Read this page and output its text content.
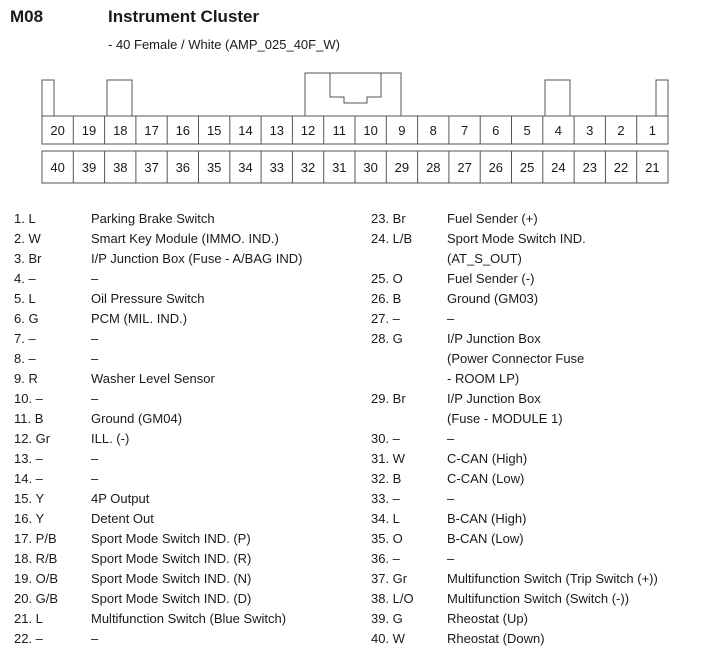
M08	Instrument Cluster
- 40 Female / White (AMP_025_40F_W)
20 19 18 17 16 15 14 13 12 11 10 9 8 7 6 5 4 3 2 1
40 39 38 37 36 35 34 33 32 31 30 29 28 27 26 25 24 23 22 21
1. L	Parking Brake Switch
2. W	Smart Key Module (IMMO. IND.)
3. Br	I/P Junction Box (Fuse - A/BAG IND)
4. –	–
5. L	Oil Pressure Switch
6. G	PCM (MIL. IND.)
7. –	–
8. –	–
9. R	Washer Level Sensor
10. –	–
11. B	Ground (GM04)
12. Gr	ILL. (-)
13. –	–
14. –	–
15. Y	4P Output
16. Y	Detent Out
17. P/B	Sport Mode Switch IND. (P)
18. R/B	Sport Mode Switch IND. (R)
19. O/B	Sport Mode Switch IND. (N)
20. G/B	Sport Mode Switch IND. (D)
21. L	Multifunction Switch (Blue Switch)
22. –	–
23. Br	Fuel Sender (+)
24. L/B	Sport Mode Switch IND.
(AT_S_OUT)
25. O	Fuel Sender (-)
26. B	Ground (GM03)
27. –	–
28. G	I/P Junction Box
(Power Connector Fuse
- ROOM LP)
29. Br	I/P Junction Box
(Fuse - MODULE 1)
30. –	–
31. W	C-CAN (High)
32. B	C-CAN (Low)
33. –	–
34. L	B-CAN (High)
35. O	B-CAN (Low)
36. –	–
37. Gr	Multifunction Switch (Trip Switch (+))
38. L/O	Multifunction Switch (Switch (-))
39. G	Rheostat (Up)
40. W	Rheostat (Down)
